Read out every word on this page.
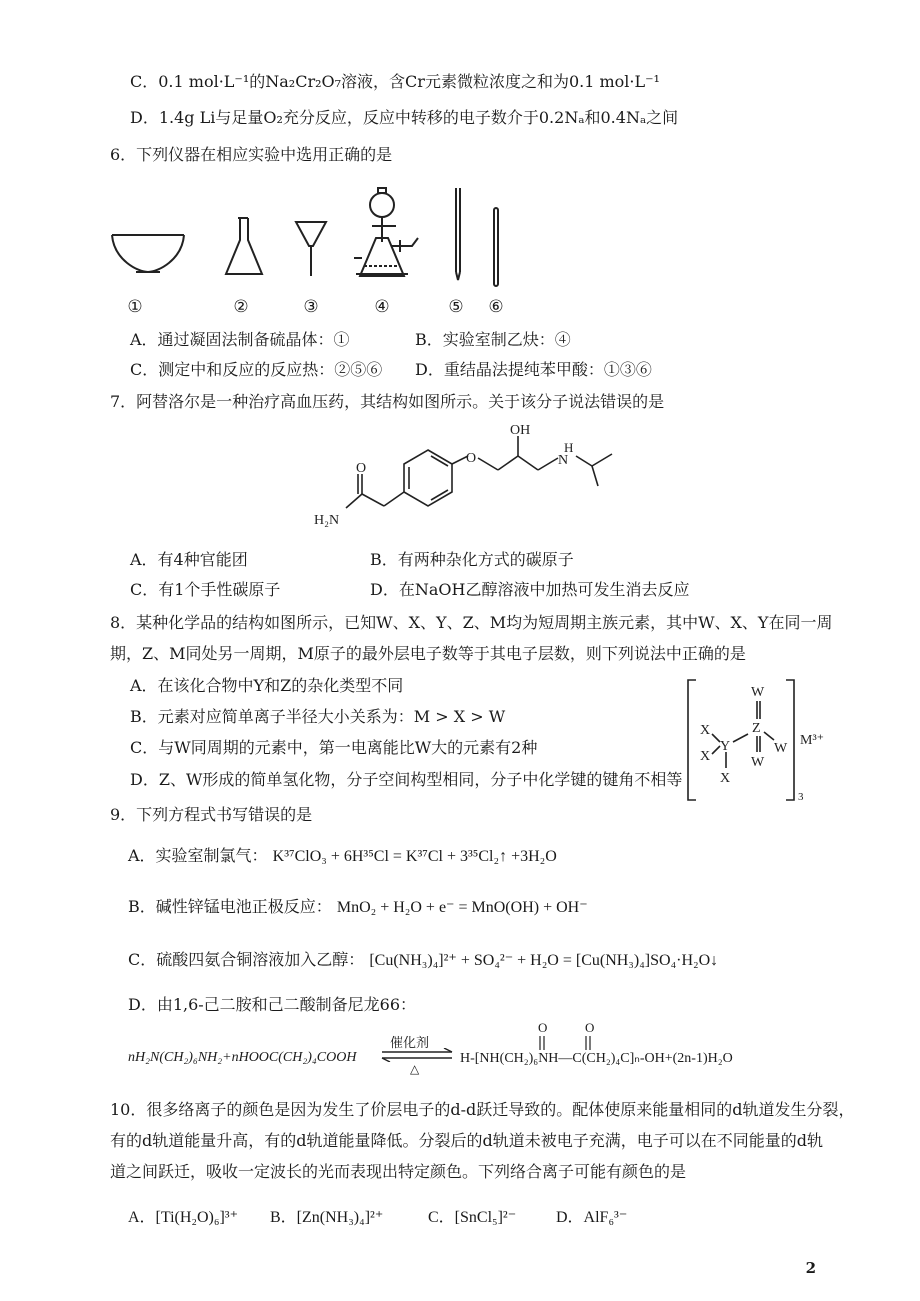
C．0.1 mol·L⁻¹的Na₂Cr₂O₇溶液，含Cr元素微粒浓度之和为0.1 mol·L⁻¹
D．1.4g Li与足量O₂充分反应，反应中转移的电子数介于0.2Nₐ和0.4Nₐ之间
6．下列仪器在相应实验中选用正确的是
①	②	③	④	⑤	⑥
A．通过凝固法制备硫晶体：①	B．实验室制乙炔：④
C．测定中和反应的反应热：②⑤⑥ D．重结晶法提纯苯甲酸：①③⑥
7．阿替洛尔是一种治疗高血压药，其结构如图所示。关于该分子说法错误的是
OH
O	N
H
O
H₂N
A．有4种官能团	B．有两种杂化方式的碳原子
C．有1个手性碳原子	D．在NaOH乙醇溶液中加热可发生消去反应
8．某种化学品的结构如图所示，已知W、X、Y、Z、M均为短周期主族元素，其中W、X、Y在同一周
期，Z、M同处另一周期，M原子的最外层电子数等于其电子层数，则下列说法中正确的是
A．在该化合物中Y和Z的杂化类型不同
B．元素对应简单离子半径大小关系为：M > X > W
C．与W同周期的元素中，第一电离能比W大的元素有2种
D．Z、W形成的简单氢化物，分子空间构型相同，分子中化学键的键角不相等
W
Z
W
W
Y
X
X
X
3
M³⁺
9．下列方程式书写错误的是
A．实验室制氯气： K³⁷ClO₃ + 6H³⁵Cl = K³⁷Cl + 3³⁵Cl₂↑ +3H₂O
B．碱性锌锰电池正极反应： MnO₂ + H₂O + e⁻ = MnO(OH) + OH⁻
C．硫酸四氨合铜溶液加入乙醇： [Cu(NH₃)₄]²⁺ + SO₄²⁻ + H₂O = [Cu(NH₃)₄]SO₄·H₂O↓
D．由1,6-己二胺和己二酸制备尼龙66：
nH₂N(CH₂)₆NH₂+nHOOC(CH₂)₄COOH
催化剂
△
O	O
H-[NH(CH₂)₆NH—C(CH₂)₄C]ₙ-OH+(2n-1)H₂O
10．很多络离子的颜色是因为发生了价层电子的d-d跃迁导致的。配体使原来能量相同的d轨道发生分裂，
有的d轨道能量升高，有的d轨道能量降低。分裂后的d轨道未被电子充满，电子可以在不同能量的d轨
道之间跃迁，吸收一定波长的光而表现出特定颜色。下列络合离子可能有颜色的是
A．[Ti(H₂O)₆]³⁺ B．[Zn(NH₃)₄]²⁺	C．[SnCl₅]²⁻ D．AlF₆³⁻
2
